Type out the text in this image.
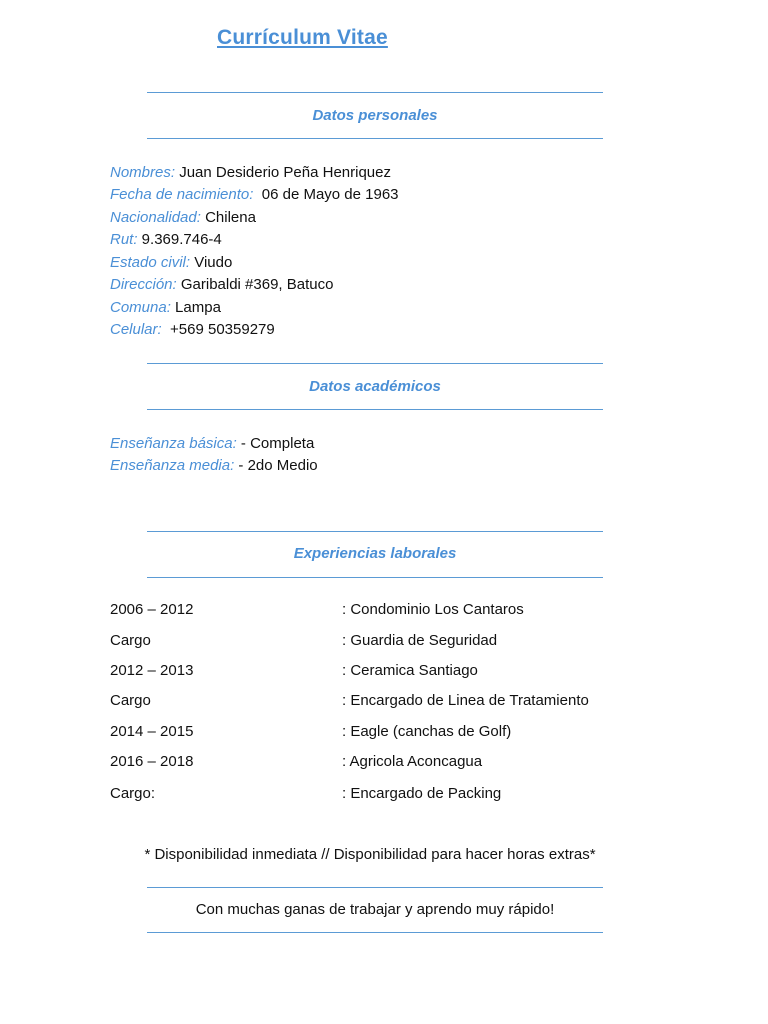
Currículum Vitae
Datos personales
Nombres: Juan Desiderio Peña Henriquez
Fecha de nacimiento:  06 de Mayo de 1963
Nacionalidad: Chilena
Rut: 9.369.746-4
Estado civil: Viudo
Dirección: Garibaldi #369, Batuco
Comuna: Lampa
Celular:  +569 50359279
Datos académicos
Enseñanza básica: - Completa
Enseñanza media: - 2do Medio
Experiencias laborales
2006 – 2012	: Condominio Los Cantaros
Cargo	: Guardia de Seguridad
2012 – 2013	: Ceramica Santiago
Cargo	: Encargado de Linea de Tratamiento
2014 – 2015	: Eagle (canchas de Golf)
2016 – 2018	: Agricola Aconcagua
Cargo:	: Encargado de Packing
* Disponibilidad inmediata // Disponibilidad para hacer horas extras*
Con muchas ganas de trabajar y aprendo muy rápido!
